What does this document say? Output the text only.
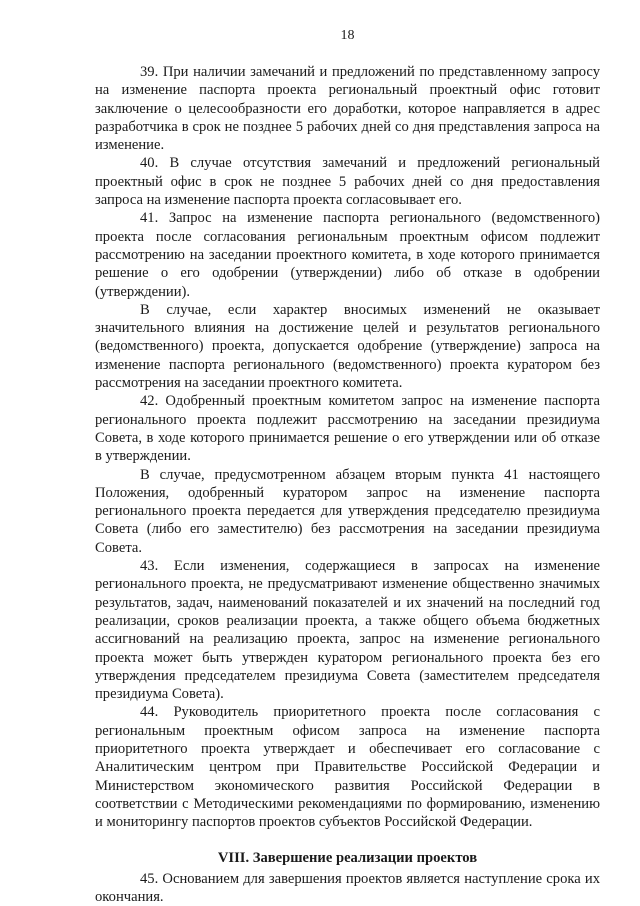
18

39. При наличии замечаний и предложений по представленному запросу на изменение паспорта проекта региональный проектный офис готовит заключение о целесообразности его доработки, которое направляется в адрес разработчика в срок не позднее 5 рабочих дней со дня представления запроса на изменение.

40. В случае отсутствия замечаний и предложений региональный проектный офис в срок не позднее 5 рабочих дней со дня предоставления запроса на изменение паспорта проекта согласовывает его.

41. Запрос на изменение паспорта регионального (ведомственного) проекта после согласования региональным проектным офисом подлежит рассмотрению на заседании проектного комитета, в ходе которого принимается решение о его одобрении (утверждении) либо об отказе в одобрении (утверждении).

В случае, если характер вносимых изменений не оказывает значительного влияния на достижение целей и результатов регионального (ведомственного) проекта, допускается одобрение (утверждение) запроса на изменение паспорта регионального (ведомственного) проекта куратором без рассмотрения на заседании проектного комитета.

42. Одобренный проектным комитетом запрос на изменение паспорта регионального проекта подлежит рассмотрению на заседании президиума Совета, в ходе которого принимается решение о его утверждении или об отказе в утверждении.

В случае, предусмотренном абзацем вторым пункта 41 настоящего Положения, одобренный куратором запрос на изменение паспорта регионального проекта передается для утверждения председателю президиума Совета (либо его заместителю) без рассмотрения на заседании президиума Совета.

43. Если изменения, содержащиеся в запросах на изменение регионального проекта, не предусматривают изменение общественно значимых результатов, задач, наименований показателей и их значений на последний год реализации, сроков реализации проекта, а также общего объема бюджетных ассигнований на реализацию проекта, запрос на изменение регионального проекта может быть утвержден куратором регионального проекта без его утверждения председателем президиума Совета (заместителем председателя президиума Совета).

44. Руководитель приоритетного проекта после согласования с региональным проектным офисом запроса на изменение паспорта приоритетного проекта утверждает и обеспечивает его согласование с Аналитическим центром при Правительстве Российской Федерации и Министерством экономического развития Российской Федерации в соответствии с Методическими рекомендациями по формированию, изменению и мониторингу паспортов проектов субъектов Российской Федерации.

VIII. Завершение реализации проектов

45. Основанием для завершения проектов является наступление срока их окончания.
